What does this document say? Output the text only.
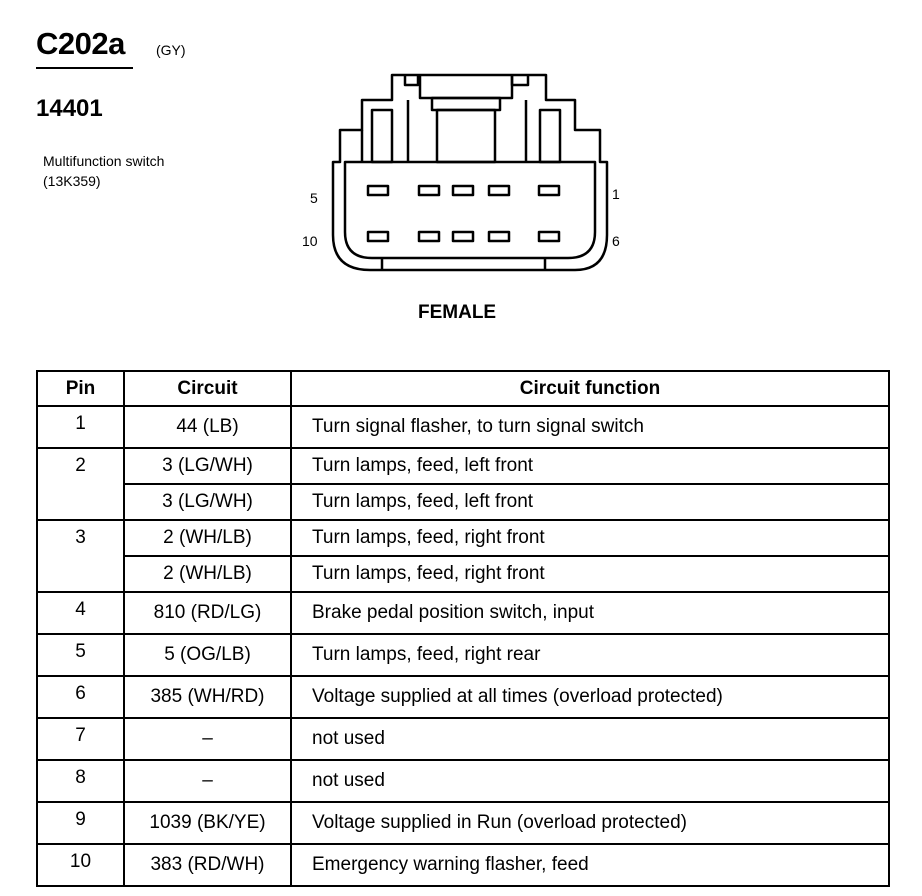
C202a (GY)
14401
Multifunction switch
(13K359)
5	1
10	6
FEMALE
Pin	Circuit	Circuit function
1	44 (LB)	Turn signal flasher, to turn signal switch
2	3 (LG/WH)	Turn lamps, feed, left front
	3 (LG/WH)	Turn lamps, feed, left front
3	2 (WH/LB)	Turn lamps, feed, right front
	2 (WH/LB)	Turn lamps, feed, right front
4	810 (RD/LG)	Brake pedal position switch, input
5	5 (OG/LB)	Turn lamps, feed, right rear
6	385 (WH/RD)	Voltage supplied at all times (overload protected)
7	–	not used
8	–	not used
9	1039 (BK/YE)	Voltage supplied in Run (overload protected)
10	383 (RD/WH)	Emergency warning flasher, feed
